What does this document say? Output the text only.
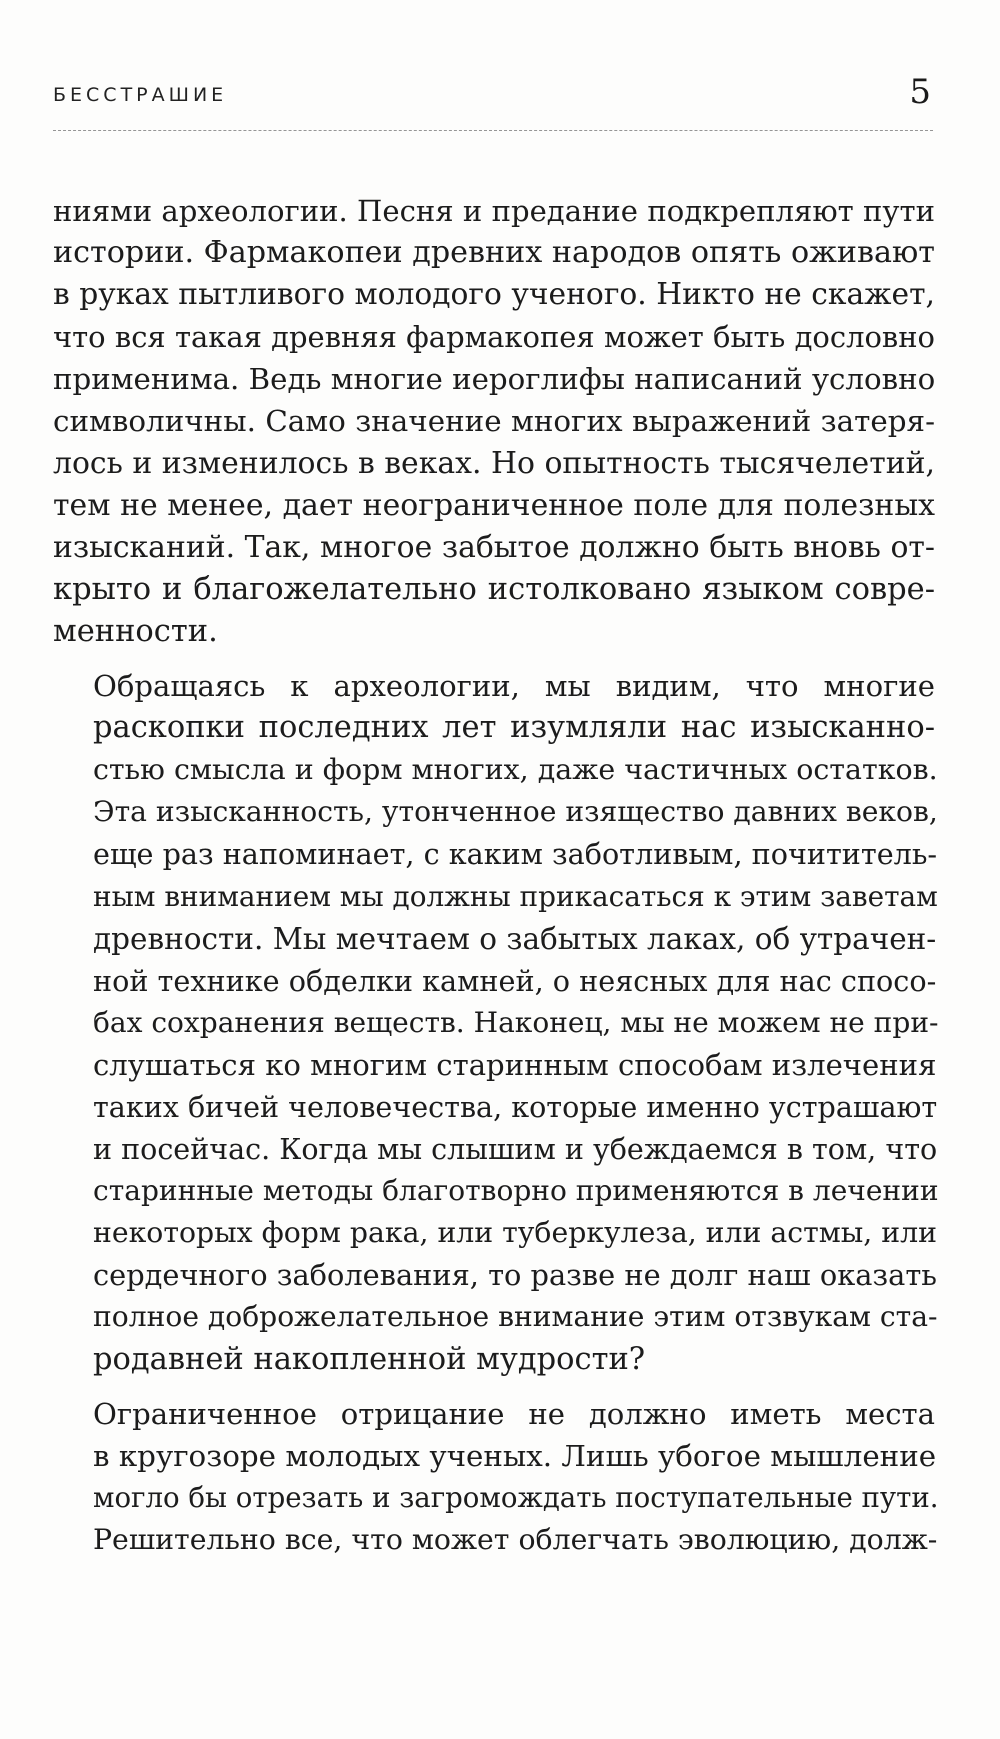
БЕССТРАШИЕ	5

ниями археологии. Песня и предание подкрепляют пути
истории. Фармакопеи древних народов опять оживают
в руках пытливого молодого ученого. Никто не скажет,
что вся такая древняя фармакопея может быть дословно
применима. Ведь многие иероглифы написаний условно
символичны. Само значение многих выражений затеря-
лось и изменилось в веках. Но опытность тысячелетий,
тем не менее, дает неограниченное поле для полезных
изысканий. Так, многое забытое должно быть вновь от-
крыто и благожелательно истолковано языком совре-
менности.

Обращаясь к археологии, мы видим, что многие
раскопки последних лет изумляли нас изысканно-
стью смысла и форм многих, даже частичных остатков.
Эта изысканность, утонченное изящество давних веков,
еще раз напоминает, с каким заботливым, почититель-
ным вниманием мы должны прикасаться к этим заветам
древности. Мы мечтаем о забытых лаках, об утрачен-
ной технике обделки камней, о неясных для нас спосо-
бах сохранения веществ. Наконец, мы не можем не при-
слушаться ко многим старинным способам излечения
таких бичей человечества, которые именно устрашают
и посейчас. Когда мы слышим и убеждаемся в том, что
старинные методы благотворно применяются в лечении
некоторых форм рака, или туберкулеза, или астмы, или
сердечного заболевания, то разве не долг наш оказать
полное доброжелательное внимание этим отзвукам ста-
родавней накопленной мудрости?

Ограниченное отрицание не должно иметь места
в кругозоре молодых ученых. Лишь убогое мышление
могло бы отрезать и загромождать поступательные пути.
Решительно все, что может облегчать эволюцию, долж-
